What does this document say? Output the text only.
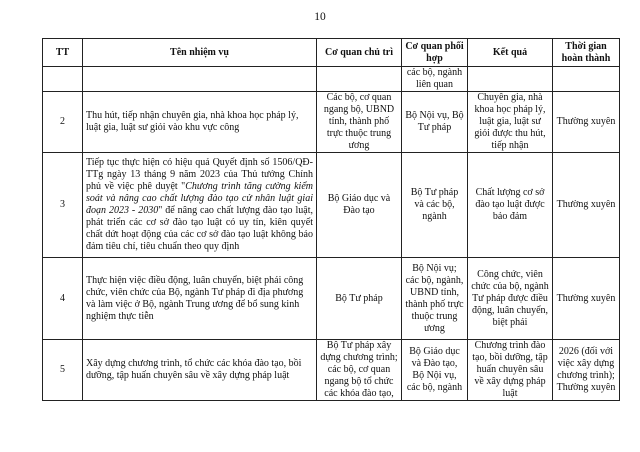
10
TT	Tên nhiệm vụ	Cơ quan chủ trì	Cơ quan phối hợp	Kết quả	Thời gian hoàn thành
			các bộ, ngành liên quan		
2	Thu hút, tiếp nhận chuyên gia, nhà khoa học pháp lý, luật gia, luật sư giỏi vào khu vực công	Các bộ, cơ quan ngang bộ, UBND tỉnh, thành phố trực thuộc trung ương	Bộ Nội vụ, Bộ Tư pháp	Chuyên gia, nhà khoa học pháp lý, luật gia, luật sư giỏi được thu hút, tiếp nhận	Thường xuyên
3	Tiếp tục thực hiện có hiệu quả Quyết định số 1506/QĐ-TTg ngày 13 tháng 9 năm 2023 của Thủ tướng Chính phủ về việc phê duyệt "Chương trình tăng cường kiểm soát và nâng cao chất lượng đào tạo cử nhân luật giai đoạn 2023 - 2030" để nâng cao chất lượng đào tạo luật, phát triển các cơ sở đào tạo luật có uy tín, kiên quyết chất dứt hoạt động của các cơ sở đào tạo luật không bảo đảm tiêu chí, tiêu chuẩn theo quy định	Bộ Giáo dục và Đào tạo	Bộ Tư pháp và các bộ, ngành	Chất lượng cơ sở đào tạo luật được bảo đảm	Thường xuyên
4	Thực hiện việc điều động, luân chuyển, biệt phái công chức, viên chức của Bộ, ngành Tư pháp đi địa phương và làm việc ở Bộ, ngành Trung ương để bổ sung kinh nghiệm thực tiễn	Bộ Tư pháp	Bộ Nội vụ; các bộ, ngành, UBND tỉnh, thành phố trực thuộc trung ương	Công chức, viên chức của bộ, ngành Tư pháp được điều động, luân chuyển, biệt phái	Thường xuyên
5	Xây dựng chương trình, tổ chức các khóa đào tạo, bồi dưỡng, tập huấn chuyên sâu về xây dựng pháp luật	Bộ Tư pháp xây dựng chương trình; các bộ, cơ quan ngang bộ tổ chức các khóa đào tạo,	Bộ Giáo dục và Đào tạo, Bộ Nội vụ, các bộ, ngành	Chương trình đào tạo, bồi dưỡng, tập huấn chuyên sâu về xây dựng pháp luật	2026 (đối với việc xây dựng chương trình); Thường xuyên
